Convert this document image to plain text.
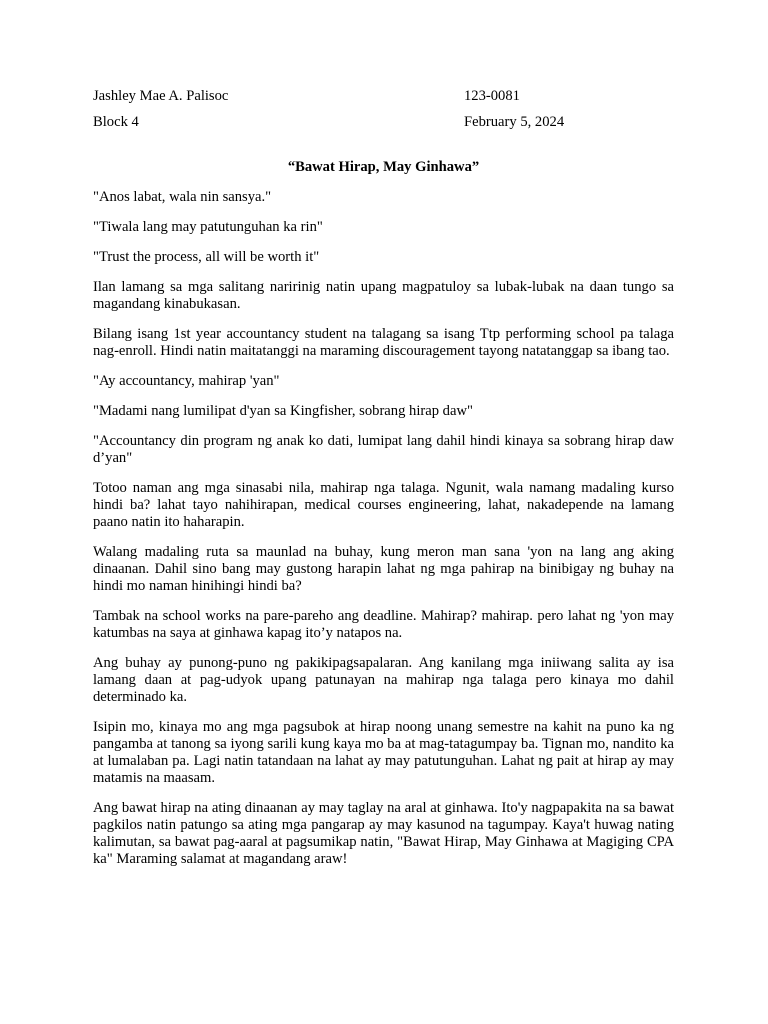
Jashley Mae A. Palisoc	123-0081
Block 4	February 5, 2024
“Bawat Hirap, May Ginhawa”

"Anos labat, wala nin sansya."

"Tiwala lang may patutunguhan ka rin"

"Trust the process, all will be worth it"

Ilan lamang sa mga salitang naririnig natin upang magpatuloy sa lubak-lubak na daan tungo sa magandang kinabukasan.

Bilang isang 1st year accountancy student na talagang sa isang Ttp performing school pa talaga nag-enroll. Hindi natin maitatanggi na maraming discouragement tayong natatanggap sa ibang tao.

"Ay accountancy, mahirap 'yan"

"Madami nang lumilipat d'yan sa Kingfisher, sobrang hirap daw"

"Accountancy din program ng anak ko dati, lumipat lang dahil hindi kinaya sa sobrang hirap daw d’yan"

Totoo naman ang mga sinasabi nila, mahirap nga talaga. Ngunit, wala namang madaling kurso hindi ba? lahat tayo nahihirapan, medical courses engineering, lahat, nakadepende na lamang paano natin ito haharapin.

Walang madaling ruta sa maunlad na buhay, kung meron man sana 'yon na lang ang aking dinaanan. Dahil sino bang may gustong harapin lahat ng mga pahirap na binibigay ng buhay na hindi mo naman hinihingi hindi ba?

Tambak na school works na pare-pareho ang deadline. Mahirap? mahirap. pero lahat ng 'yon may katumbas na saya at ginhawa kapag ito’y natapos na.

Ang buhay ay punong-puno ng pakikipagsapalaran. Ang kanilang mga iniiwang salita ay isa lamang daan at pag-udyok upang patunayan na mahirap nga talaga pero kinaya mo dahil determinado ka.

Isipin mo, kinaya mo ang mga pagsubok at hirap noong unang semestre na kahit na puno ka ng pangamba at tanong sa iyong sarili kung kaya mo ba at mag-tatagumpay ba. Tignan mo, nandito ka at lumalaban pa. Lagi natin tatandaan na lahat ay may patutunguhan. Lahat ng pait at hirap ay may matamis na maasam.

Ang bawat hirap na ating dinaanan ay may taglay na aral at ginhawa. Ito'y nagpapakita na sa bawat pagkilos natin patungo sa ating mga pangarap ay may kasunod na tagumpay. Kaya't huwag nating kalimutan, sa bawat pag-aaral at pagsumikap natin, "Bawat Hirap, May Ginhawa at Magiging CPA ka" Maraming salamat at magandang araw!
